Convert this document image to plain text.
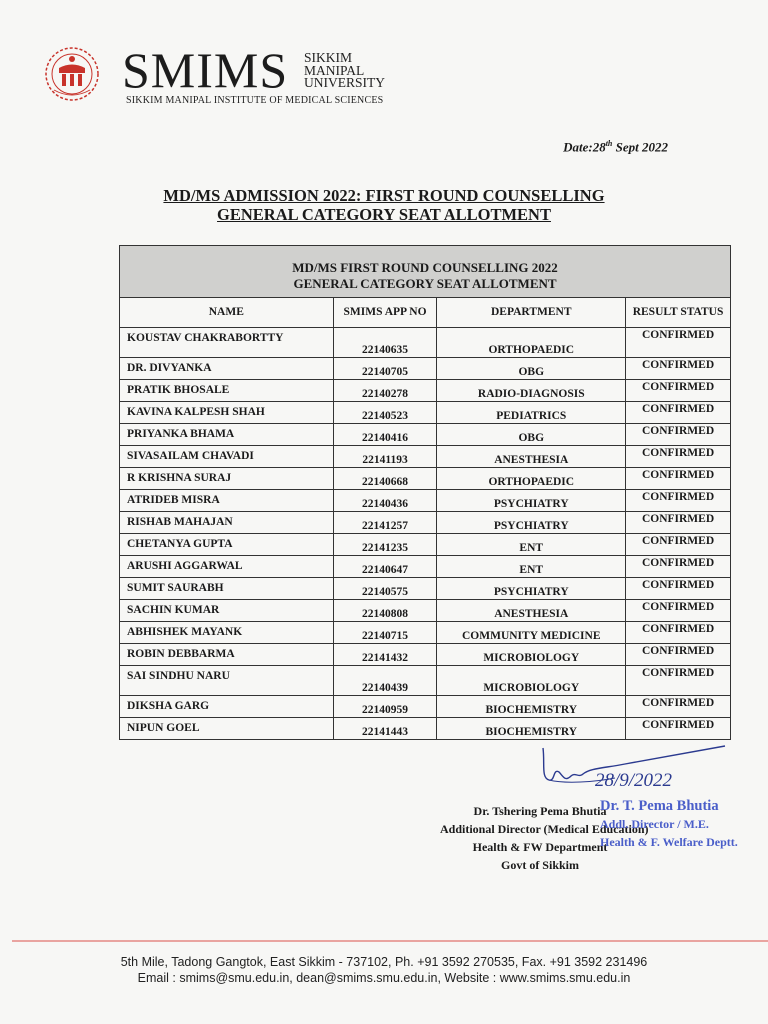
SMIMS SIKKIM
MANIPAL
UNIVERSITY
SIKKIM MANIPAL INSTITUTE OF MEDICAL SCIENCES
Date:28th Sept 2022
MD/MS ADMISSION 2022: FIRST ROUND COUNSELLING
GENERAL CATEGORY SEAT ALLOTMENT
MD/MS FIRST ROUND COUNSELLING 2022
GENERAL CATEGORY SEAT ALLOTMENT			

NAME	SMIMS APP NO	DEPARTMENT	RESULT STATUS
KOUSTAV CHAKRABORTTY	22140635	ORTHOPAEDIC	CONFIRMED
DR. DIVYANKA	22140705	OBG	CONFIRMED
PRATIK BHOSALE	22140278	RADIO-DIAGNOSIS	CONFIRMED
KAVINA KALPESH SHAH	22140523	PEDIATRICS	CONFIRMED
PRIYANKA BHAMA	22140416	OBG	CONFIRMED
SIVASAILAM CHAVADI	22141193	ANESTHESIA	CONFIRMED
R KRISHNA SURAJ	22140668	ORTHOPAEDIC	CONFIRMED
ATRIDEB MISRA	22140436	PSYCHIATRY	CONFIRMED
RISHAB MAHAJAN	22141257	PSYCHIATRY	CONFIRMED
CHETANYA GUPTA	22141235	ENT	CONFIRMED
ARUSHI AGGARWAL	22140647	ENT	CONFIRMED
SUMIT SAURABH	22140575	PSYCHIATRY	CONFIRMED
SACHIN KUMAR	22140808	ANESTHESIA	CONFIRMED
ABHISHEK MAYANK	22140715	COMMUNITY MEDICINE	CONFIRMED
ROBIN DEBBARMA	22141432	MICROBIOLOGY	CONFIRMED
SAI SINDHU NARU	22140439	MICROBIOLOGY	CONFIRMED
DIKSHA GARG	22140959	BIOCHEMISTRY	CONFIRMED
NIPUN GOEL	22141443	BIOCHEMISTRY	CONFIRMED
28/9/2022
Dr. Tshering Pema Bhutia
Additional Director (Medical Education)
Health & FW Department
Govt of Sikkim
Dr. T. Pema Bhutia
Addl. Director / M.E.
Health & F. Welfare Deptt.
5th Mile, Tadong Gangtok, East Sikkim - 737102, Ph. +91 3592 270535, Fax. +91 3592 231496
Email : smims@smu.edu.in, dean@smims.smu.edu.in, Website : www.smims.smu.edu.in
